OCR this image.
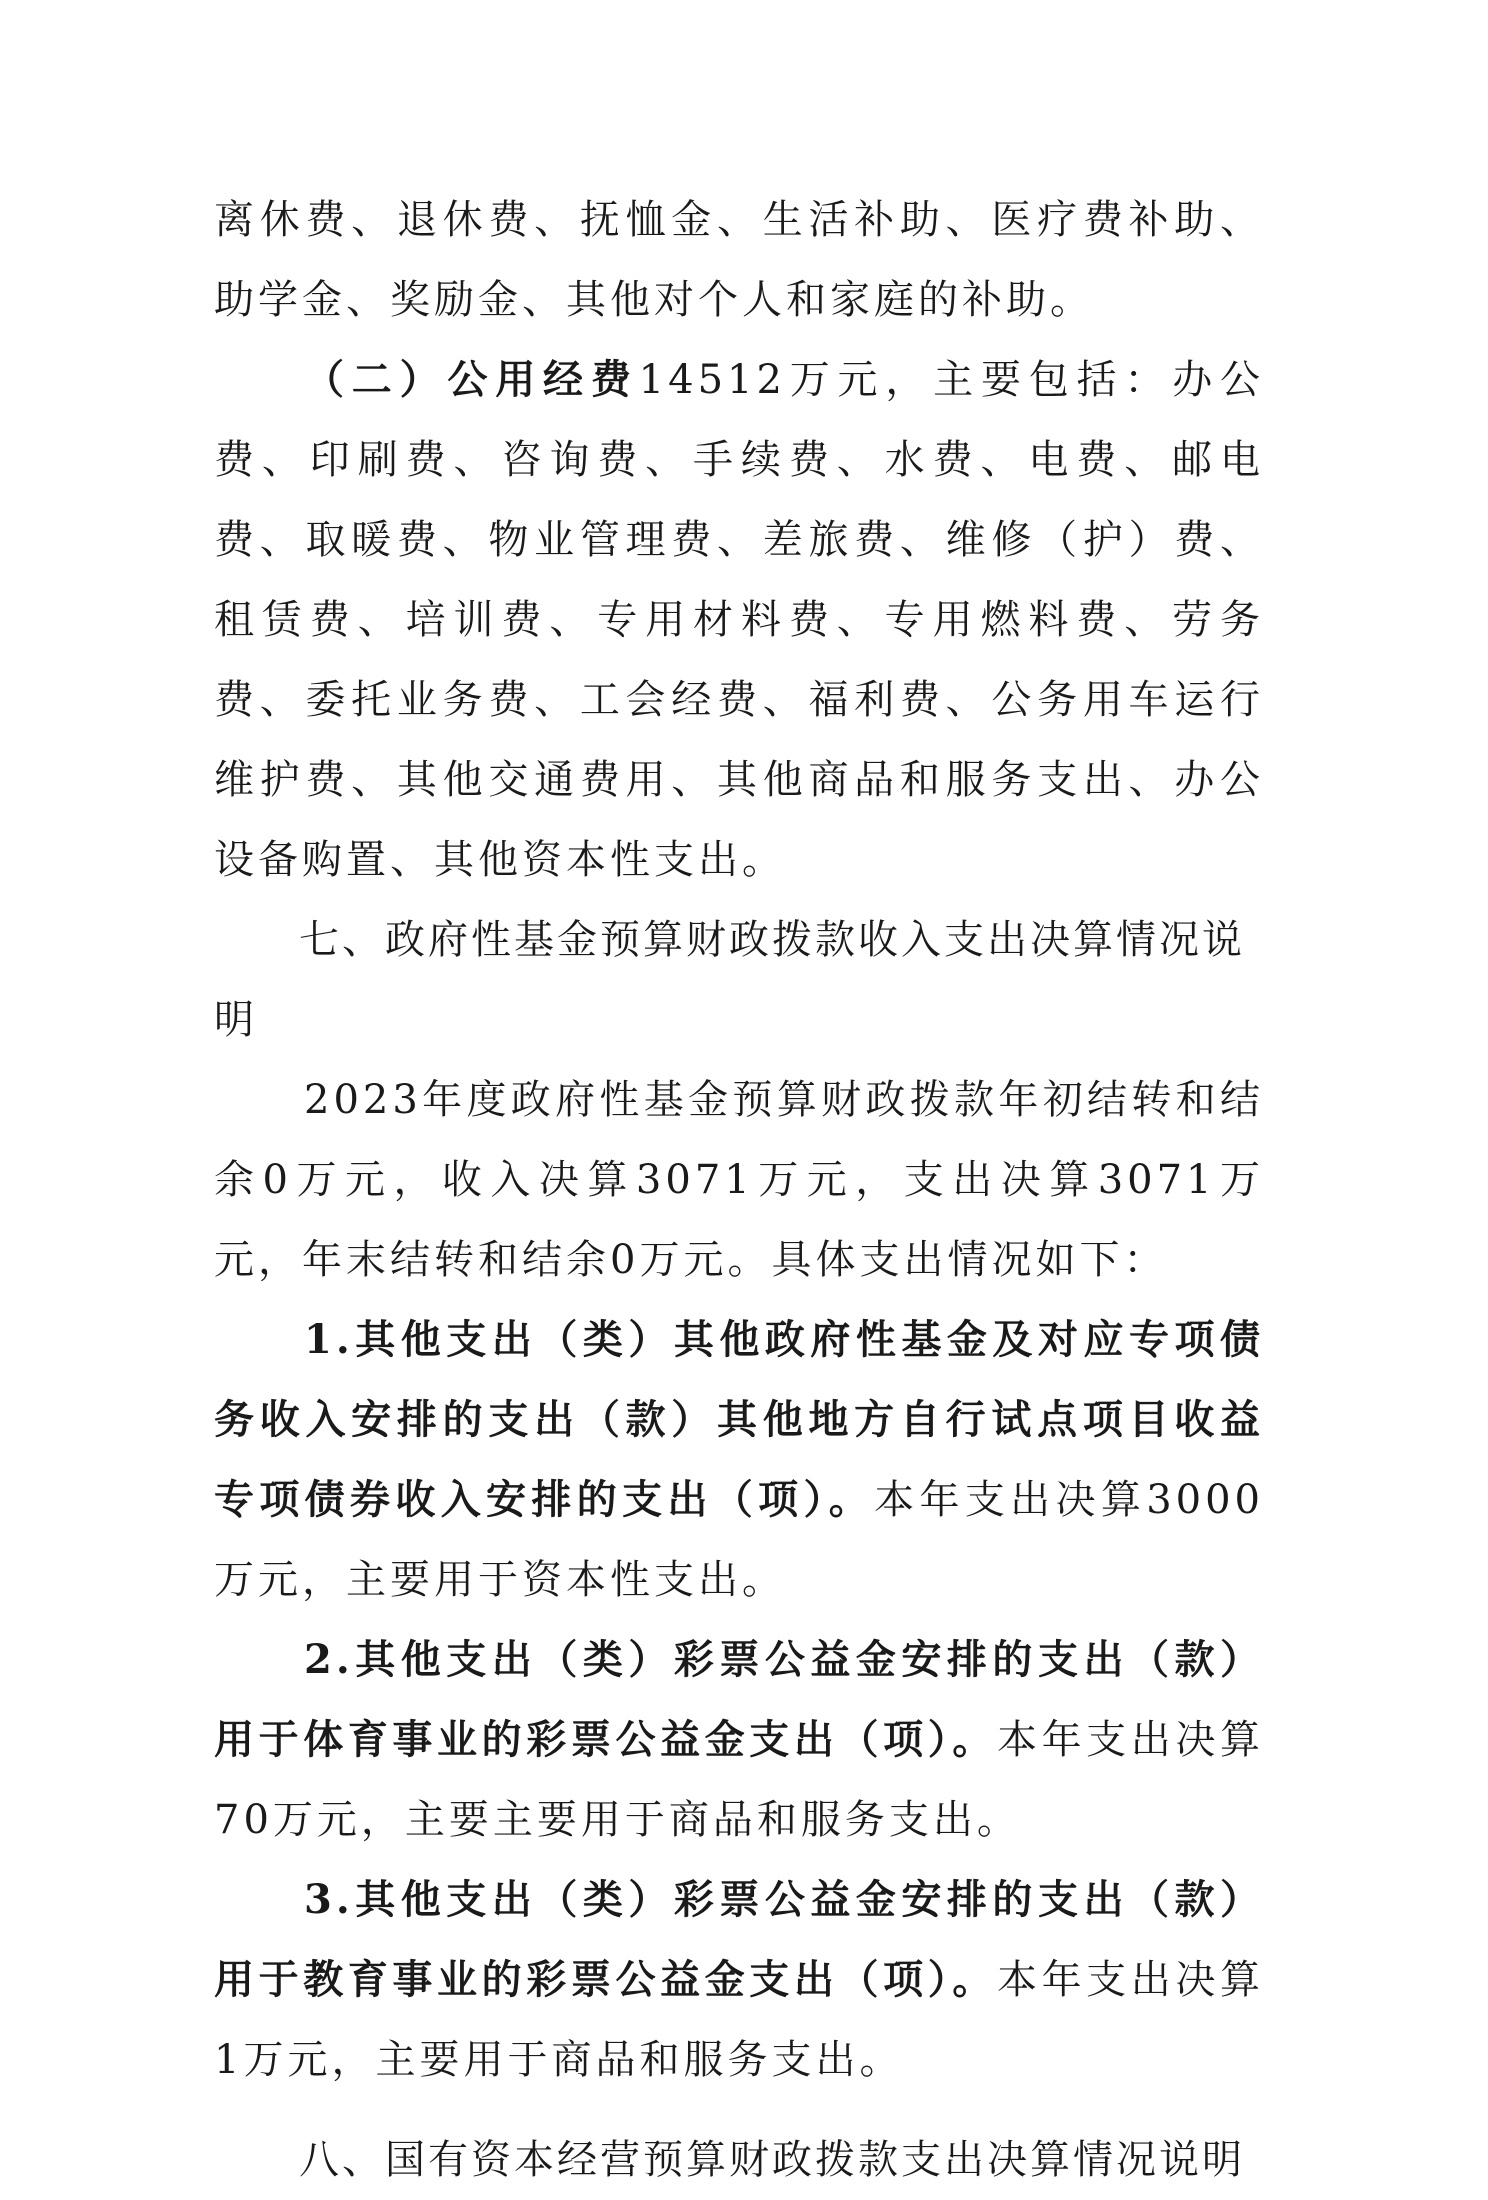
离休费、退休费、抚恤金、生活补助、医疗费补助、助学金、奖励金、其他对个人和家庭的补助。

（二）公用经费14512万元，主要包括：办公费、印刷费、咨询费、手续费、水费、电费、邮电费、取暖费、物业管理费、差旅费、维修（护）费、租赁费、培训费、专用材料费、专用燃料费、劳务费、委托业务费、工会经费、福利费、公务用车运行维护费、其他交通费用、其他商品和服务支出、办公设备购置、其他资本性支出。

七、政府性基金预算财政拨款收入支出决算情况说明

2023年度政府性基金预算财政拨款年初结转和结余0万元，收入决算3071万元，支出决算3071万元，年末结转和结余0万元。具体支出情况如下：

1.其他支出（类）其他政府性基金及对应专项债务收入安排的支出（款）其他地方自行试点项目收益专项债券收入安排的支出（项）。本年支出决算3000万元，主要用于资本性支出。

2.其他支出（类）彩票公益金安排的支出（款）用于体育事业的彩票公益金支出（项）。本年支出决算70万元，主要主要用于商品和服务支出。

3.其他支出（类）彩票公益金安排的支出（款）用于教育事业的彩票公益金支出（项）。本年支出决算1万元，主要用于商品和服务支出。

八、国有资本经营预算财政拨款支出决算情况说明
